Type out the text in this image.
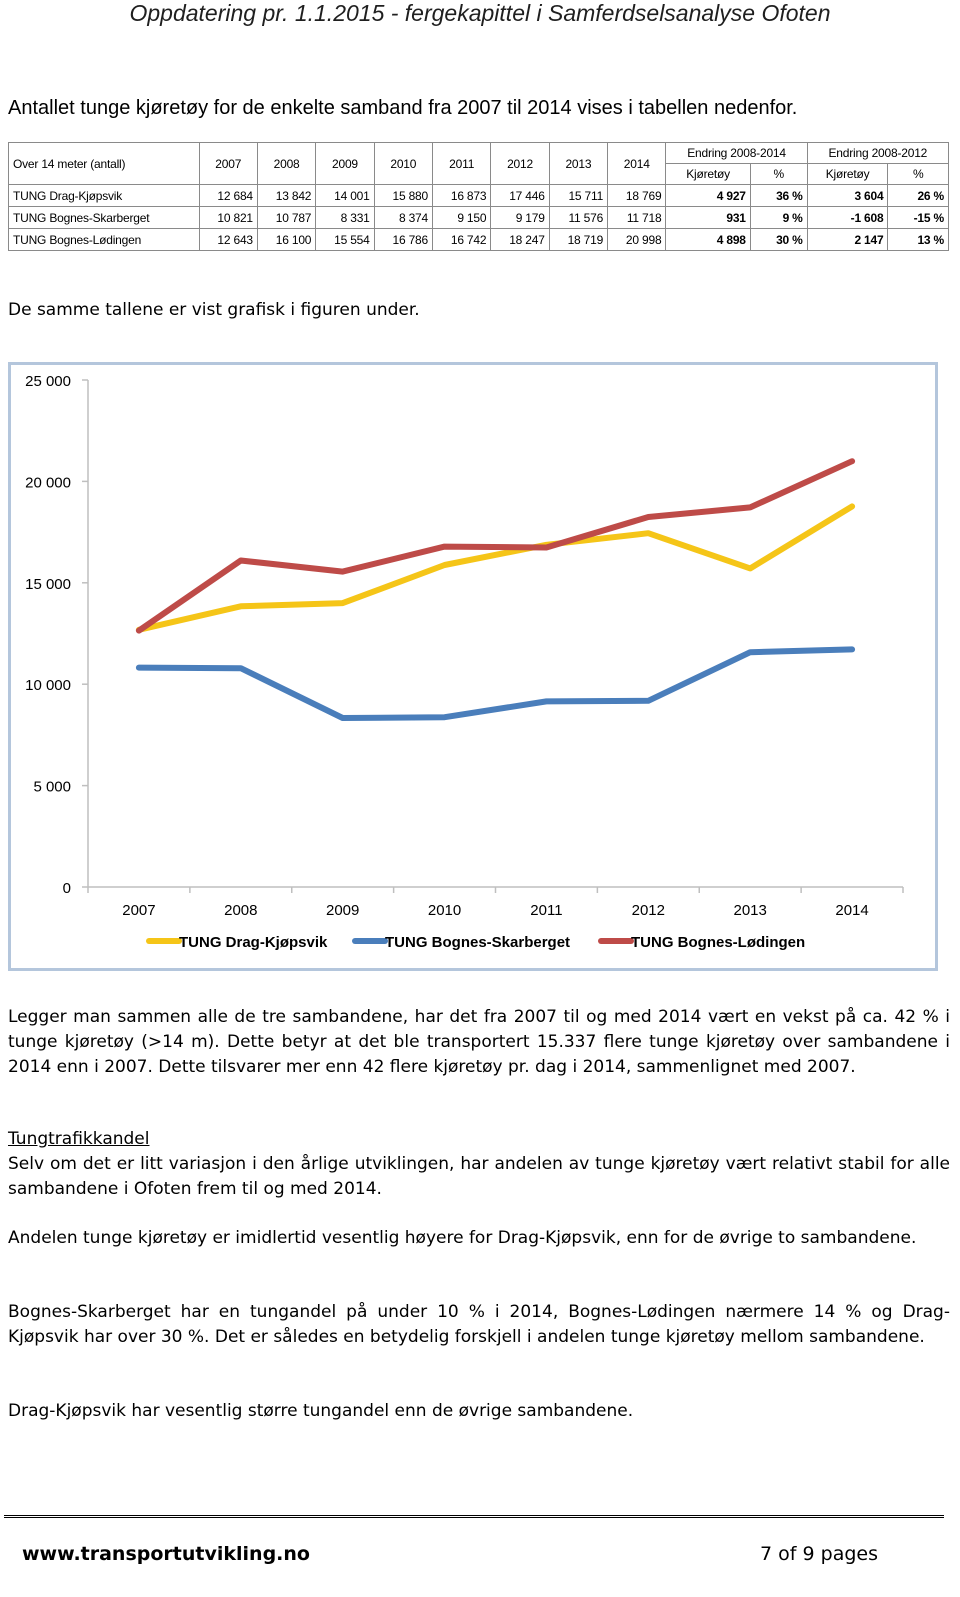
Oppdatering pr. 1.1.2015 - fergekapittel i Samferdselsanalyse Ofoten
Antallet tunge kjøretøy for de enkelte samband fra 2007 til 2014 vises i tabellen nedenfor.
Over 14 meter (antall)	2007	2008	2009	2010	2011	2012	2013	2014	Endring 2008-2014		Endring 2008-2012	
									Kjøretøy	%	Kjøretøy	%
TUNG Drag-Kjøpsvik	12 684	13 842	14 001	15 880	16 873	17 446	15 711	18 769	4 927	36 %	3 604	26 %
TUNG Bognes-Skarberget	10 821	10 787	8 331	8 374	9 150	9 179	11 576	11 718	931	9 %	-1 608	-15 %
TUNG Bognes-Lødingen	12 643	16 100	15 554	16 786	16 742	18 247	18 719	20 998	4 898	30 %	2 147	13 %

De samme tallene er vist grafisk i figuren under.

0
5 000
10 000
15 000
20 000
25 000
2007	2008	2009	2010	2011	2012	2013	2014
TUNG Drag-Kjøpsvik	TUNG Bognes-Skarberget	TUNG Bognes-Lødingen

Legger man sammen alle de tre sambandene, har det fra 2007 til og med 2014 vært en vekst på ca. 42 % i tunge kjøretøy (>14 m). Dette betyr at det ble transportert 15.337 flere tunge kjøretøy over sambandene i 2014 enn i 2007. Dette tilsvarer mer enn 42 flere kjøretøy pr. dag i 2014, sammenlignet med 2007.

Tungtrafikkandel

Selv om det er litt variasjon i den årlige utviklingen, har andelen av tunge kjøretøy vært relativt stabil for alle sambandene i Ofoten frem til og med 2014.

Andelen tunge kjøretøy er imidlertid vesentlig høyere for Drag-Kjøpsvik, enn for de øvrige to sambandene.

Bognes-Skarberget har en tungandel på under 10 % i 2014, Bognes-Lødingen nærmere 14 % og Drag-Kjøpsvik har over 30 %. Det er således en betydelig forskjell i andelen tunge kjøretøy mellom sambandene.

Drag-Kjøpsvik har vesentlig større tungandel enn de øvrige sambandene.

www.transportutvikling.no	7 of 9 pages
